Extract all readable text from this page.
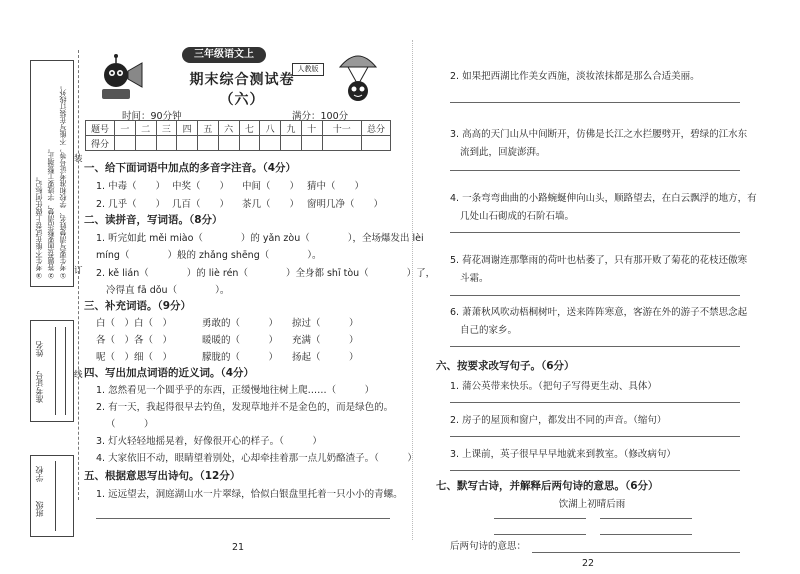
①考生要写清楚姓名、学校和准考证号等，不能写在装订线外。
②答题卷面要整洁清楚，字迹要工整端正。
③考生不能在试卷上做任何标记。
装
订
线
姓名
准考证号
学校
班级
三年级语文上
人教版
期末综合测试卷（六）
时间：90分钟	满分：100分
题号	一	二	三	四	五	六	七	八	九	十	十一	总分
得分												
一、给下面词语中加点的多音字注音。（4分）
1. 中毒（　　） 中奖（　　） 中间（　　） 猜中（　　）
2. 几乎（　　） 几百（　　） 茶几（　　） 窗明几净（　　）
二、读拼音，写词语。（8分）
1. 听完如此 měi miào（　　　　）的 yǎn zòu（　　　　），全场爆发出 lèi
míng（　　　　）般的 zhǎng shēng（　　　　）。
2. kě lián（　　　　）的 liè rén（　　　　）全身都 shī tòu（　　　　）了，
冷得直 fā dǒu（　　　　）。
三、补充词语。（9分）
白（　）白（　）	勇敢的（　　　） 掠过（　　　）
各（　）各（　）	暖暖的（　　　） 充满（　　　）
呢（　）细（　）	朦胧的（　　　） 扬起（　　　）
四、写出加点词语的近义词。（4分）
1. 忽然看见一个圆乎乎的东西，正缓慢地往树上爬……（　　　）
2. 有一天，我起得很早去钓鱼，发现草地并不是金色的，而是绿色的。
（　　　）
3. 灯火轻轻地摇晃着，好像很开心的样子。（　　　）
4. 大家依旧不动，眼睛望着别处，心却牵挂着那一点儿奶酪渣子。（　　　）
五、根据意思写出诗句。（12分）
1. 远远望去，洞庭湖山水一片翠绿，恰似白银盘里托着一只小小的青螺。
21
2. 如果把西湖比作美女西施，淡妆浓抹都是那么合适美丽。
3. 高高的天门山从中间断开，仿佛是长江之水拦腰劈开，碧绿的江水东
流到此，回旋澎湃。
4. 一条弯弯曲曲的小路蜿蜒伸向山头，顺路望去，在白云飘浮的地方，有
几处山石砌成的石阶石墙。
5. 荷花凋谢连那擎雨的荷叶也枯萎了，只有那开败了菊花的花枝还傲寒
斗霜。
6. 萧萧秋风吹动梧桐树叶，送来阵阵寒意，客游在外的游子不禁思念起
自己的家乡。
六、按要求改写句子。（6分）
1. 蒲公英带来快乐。（把句子写得更生动、具体）
2. 房子的屋顶和窗户，都发出不同的声音。（缩句）
3. 上课前，英子很早早早地就来到教室。（修改病句）
七、默写古诗，并解释后两句诗的意思。（6分）
饮湖上初晴后雨
后两句诗的意思：
22
